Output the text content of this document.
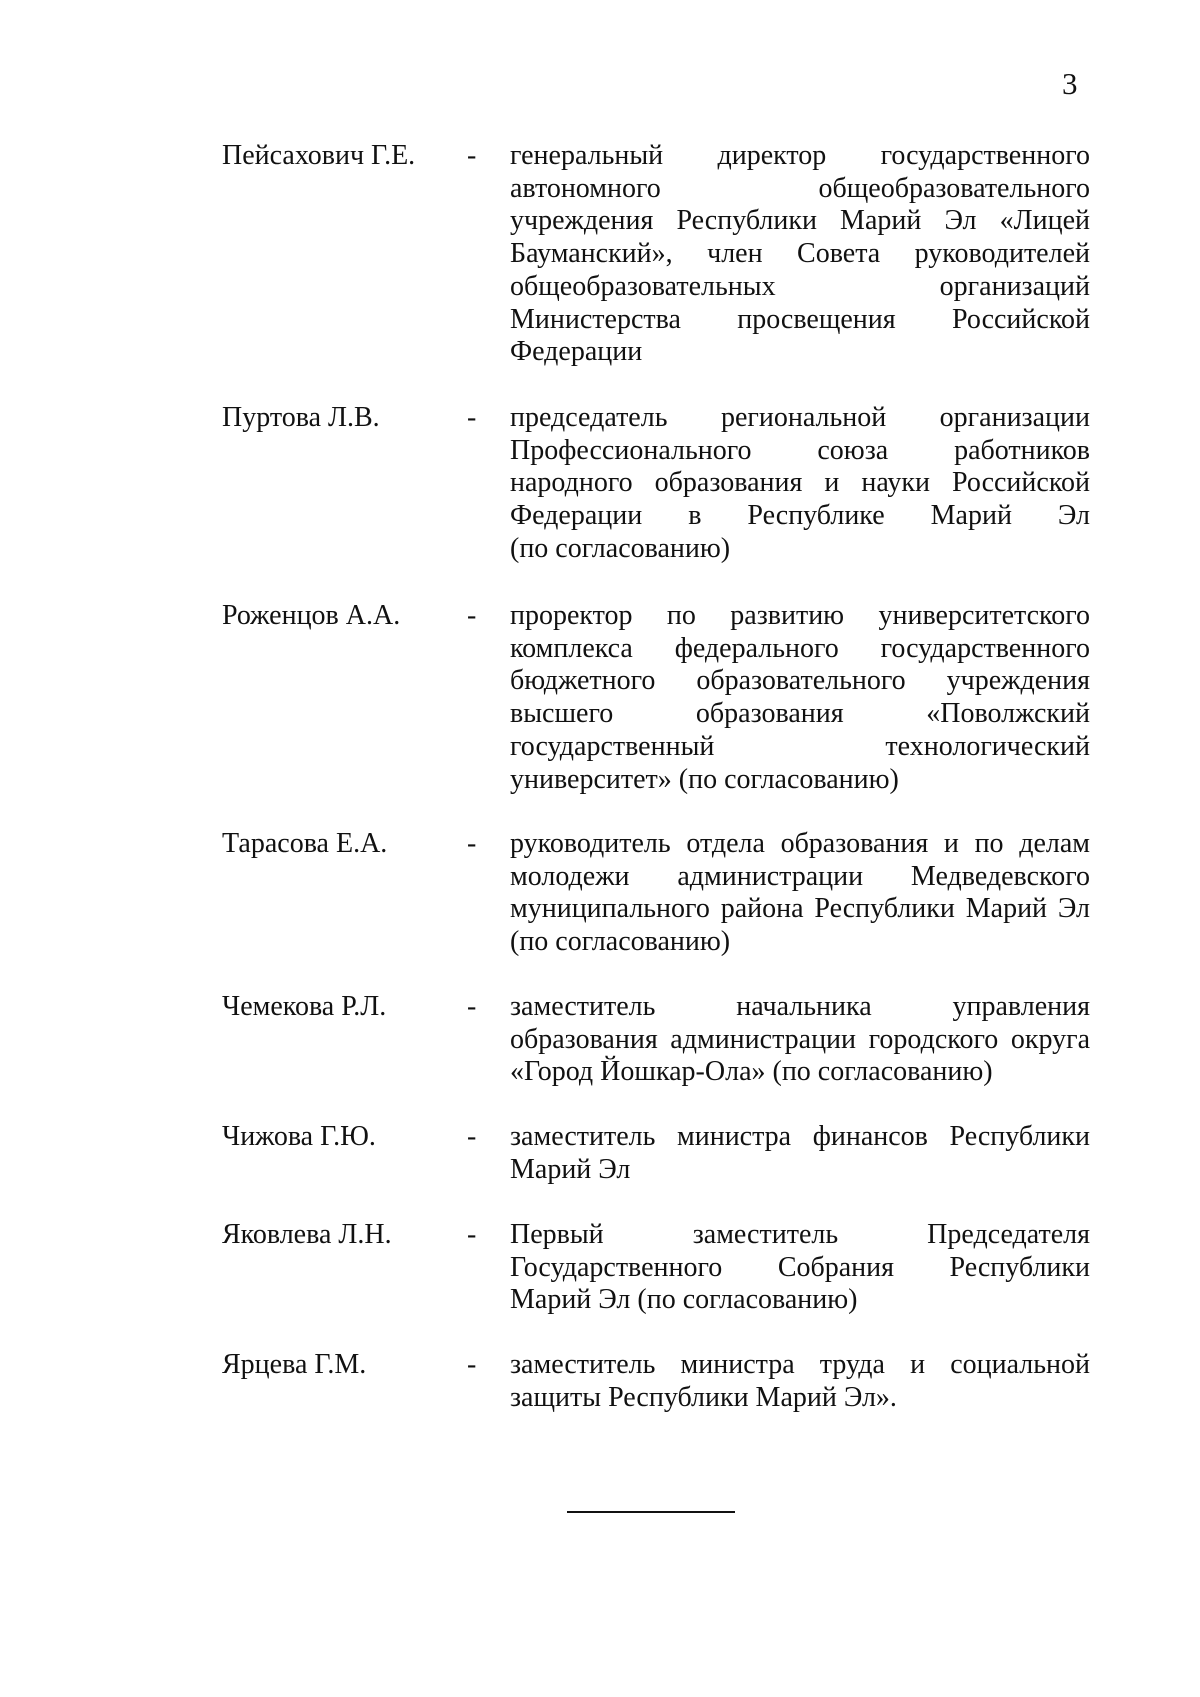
3
Пейсахович Г.Е. - генеральный директор государственного
автономного общеобразовательного
учреждения Республики Марий Эл «Лицей
Бауманский», член Совета руководителей
общеобразовательных организаций
Министерства просвещения Российской
Федерации
Пуртова Л.В.	- председатель региональной организации
Профессионального союза работников
народного образования и науки Российской
Федерации в Республике Марий Эл
(по согласованию)
Роженцов А.А. - проректор по развитию университетского
комплекса федерального государственного
бюджетного образовательного учреждения
высшего образования «Поволжский
государственный технологический
университет» (по согласованию)
Тарасова Е.А.	- руководитель отдела образования и по делам
молодежи администрации Медведевского
муниципального района Республики Марий Эл
(по согласованию)
Чемекова Р.Л.	- заместитель начальника управления
образования администрации городского округа
«Город Йошкар-Ола» (по согласованию)
Чижова Г.Ю.	- заместитель министра финансов Республики
Марий Эл
Яковлева Л.Н.	- Первый заместитель Председателя
Государственного Собрания Республики
Марий Эл (по согласованию)
Ярцева Г.М.	- заместитель министра труда и социальной
защиты Республики Марий Эл».
